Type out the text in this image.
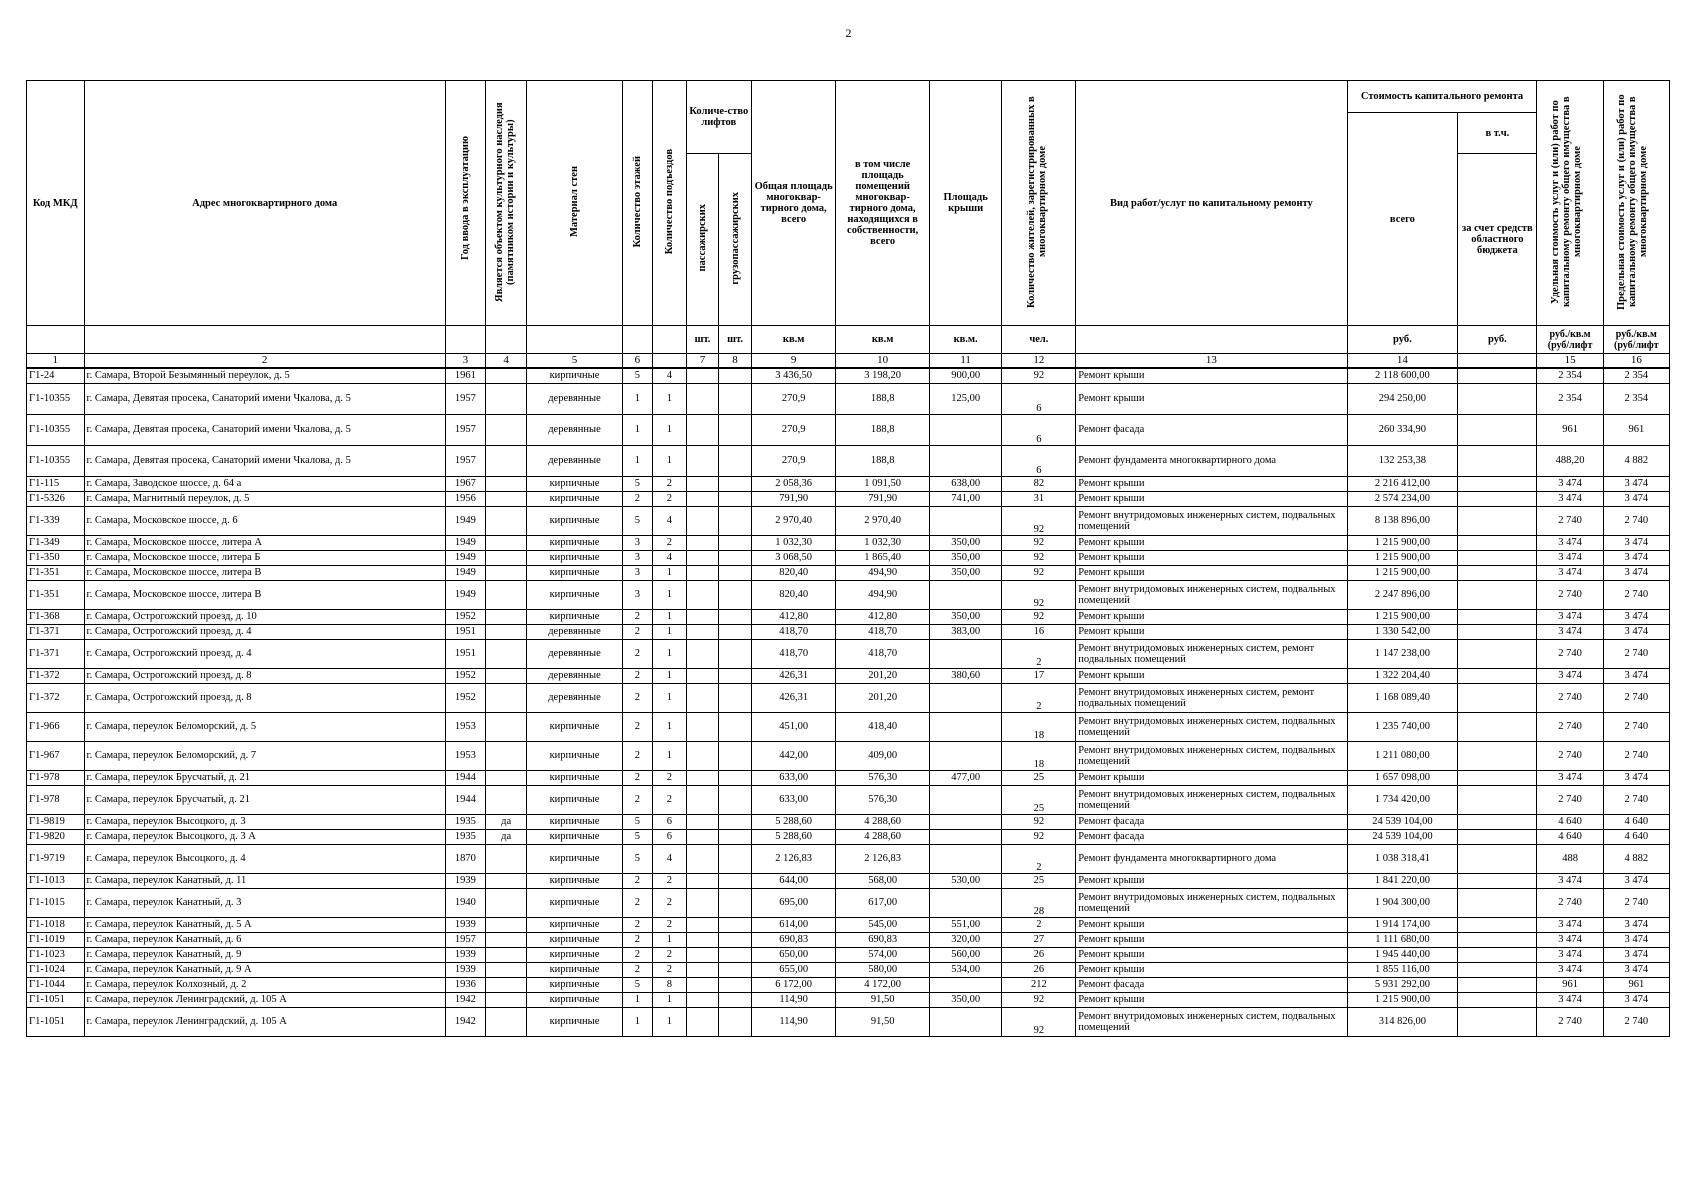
2
Код МКД	Адрес многоквартирного дома	Год ввода в эксплуатацию	Является объектом культурного наследия (памятником истории и культуры)	Материал стен	Количество этажей	Количество подъездов	Количе-ство лифтов		Общая площадь многоквар-тирного дома, всего	в том числе площадь помещений многоквар-тирного дома, находящихся в собственности, всего	Площадь крыши	Количество жителей, зарегистрированных в многоквартирном доме	Вид работ/услуг по капитальному ремонту	Стоимость капитального ремонта		Удельная стоимость услуг и (или) работ по капитальному ремонту общего имущества в многоквартирном доме	Предельная стоимость услуг и (или) работ по капитальному ремонту общего имущества в многоквартирном доме
														всего	в т.ч.		
							пассажирских	грузопассажирских							за счет средств областного бюджета		
							шт.	шт.	кв.м	кв.м	кв.м.	чел.		руб.	руб.	руб./кв.м (руб/лифт	руб./кв.м (руб/лифт
1	2	3	4	5	6		7	8	9	10	11	12	13	14		15	16
Г1-24	г. Самара, Второй Безымянный переулок, д. 5	1961		кирпичные	5	4			3 436,50	3 198,20	900,00	92	Ремонт крыши	2 118 600,00		2 354	2 354
Г1-10355	г. Самара, Девятая просека, Санаторий имени Чкалова, д. 5	1957		деревянные	1	1			270,9	188,8	125,00	6	Ремонт крыши	294 250,00		2 354	2 354
Г1-10355	г. Самара, Девятая просека, Санаторий имени Чкалова, д. 5	1957		деревянные	1	1			270,9	188,8		6	Ремонт фасада	260 334,90		961	961
Г1-10355	г. Самара, Девятая просека, Санаторий имени Чкалова, д. 5	1957		деревянные	1	1			270,9	188,8		6	Ремонт фундамента многоквартирного дома	132 253,38		488,20	4 882
Г1-115	г. Самара, Заводское шоссе, д. 64 а	1967		кирпичные	5	2			2 058,36	1 091,50	638,00	82	Ремонт крыши	2 216 412,00		3 474	3 474
Г1-5326	г. Самара, Магнитный переулок, д. 5	1956		кирпичные	2	2			791,90	791,90	741,00	31	Ремонт крыши	2 574 234,00		3 474	3 474
Г1-339	г. Самара, Московское шоссе, д. 6	1949		кирпичные	5	4			2 970,40	2 970,40		92	Ремонт внутридомовых инженерных систем, подвальных помещений	8 138 896,00		2 740	2 740
Г1-349	г. Самара, Московское шоссе, литера А	1949		кирпичные	3	2			1 032,30	1 032,30	350,00	92	Ремонт крыши	1 215 900,00		3 474	3 474
Г1-350	г. Самара, Московское шоссе, литера Б	1949		кирпичные	3	4			3 068,50	1 865,40	350,00	92	Ремонт крыши	1 215 900,00		3 474	3 474
Г1-351	г. Самара, Московское шоссе, литера В	1949		кирпичные	3	1			820,40	494,90	350,00	92	Ремонт крыши	1 215 900,00		3 474	3 474
Г1-351	г. Самара, Московское шоссе, литера В	1949		кирпичные	3	1			820,40	494,90		92	Ремонт внутридомовых инженерных систем, подвальных помещений	2 247 896,00		2 740	2 740
Г1-368	г. Самара, Острогожский проезд, д. 10	1952		кирпичные	2	1			412,80	412,80	350,00	92	Ремонт крыши	1 215 900,00		3 474	3 474
Г1-371	г. Самара, Острогожский проезд, д. 4	1951		деревянные	2	1			418,70	418,70	383,00	16	Ремонт крыши	1 330 542,00		3 474	3 474
Г1-371	г. Самара, Острогожский проезд, д. 4	1951		деревянные	2	1			418,70	418,70		2	Ремонт внутридомовых инженерных систем, ремонт подвальных помещений	1 147 238,00		2 740	2 740
Г1-372	г. Самара, Острогожский проезд, д. 8	1952		деревянные	2	1			426,31	201,20	380,60	17	Ремонт крыши	1 322 204,40		3 474	3 474
Г1-372	г. Самара, Острогожский проезд, д. 8	1952		деревянные	2	1			426,31	201,20		2	Ремонт внутридомовых инженерных систем, ремонт подвальных помещений	1 168 089,40		2 740	2 740
Г1-966	г. Самара, переулок Беломорский, д. 5	1953		кирпичные	2	1			451,00	418,40		18	Ремонт внутридомовых инженерных систем, подвальных помещений	1 235 740,00		2 740	2 740
Г1-967	г. Самара, переулок Беломорский, д. 7	1953		кирпичные	2	1			442,00	409,00		18	Ремонт внутридомовых инженерных систем, подвальных помещений	1 211 080,00		2 740	2 740
Г1-978	г. Самара, переулок Брусчатый, д. 21	1944		кирпичные	2	2			633,00	576,30	477,00	25	Ремонт крыши	1 657 098,00		3 474	3 474
Г1-978	г. Самара, переулок Брусчатый, д. 21	1944		кирпичные	2	2			633,00	576,30		25	Ремонт внутридомовых инженерных систем, подвальных помещений	1 734 420,00		2 740	2 740
Г1-9819	г. Самара, переулок Высоцкого, д. 3	1935	да	кирпичные	5	6			5 288,60	4 288,60		92	Ремонт фасада	24 539 104,00		4 640	4 640
Г1-9820	г. Самара, переулок Высоцкого, д. 3 А	1935	да	кирпичные	5	6			5 288,60	4 288,60		92	Ремонт фасада	24 539 104,00		4 640	4 640
Г1-9719	г. Самара, переулок Высоцкого, д. 4	1870		кирпичные	5	4			2 126,83	2 126,83		2	Ремонт фундамента многоквартирного дома	1 038 318,41		488	4 882
Г1-1013	г. Самара, переулок Канатный, д. 11	1939		кирпичные	2	2			644,00	568,00	530,00	25	Ремонт крыши	1 841 220,00		3 474	3 474
Г1-1015	г. Самара, переулок Канатный, д. 3	1940		кирпичные	2	2			695,00	617,00		28	Ремонт внутридомовых инженерных систем, подвальных помещений	1 904 300,00		2 740	2 740
Г1-1018	г. Самара, переулок Канатный, д. 5 А	1939		кирпичные	2	2			614,00	545,00	551,00	2	Ремонт крыши	1 914 174,00		3 474	3 474
Г1-1019	г. Самара, переулок Канатный, д. 6	1957		кирпичные	2	1			690,83	690,83	320,00	27	Ремонт крыши	1 111 680,00		3 474	3 474
Г1-1023	г. Самара, переулок Канатный, д. 9	1939		кирпичные	2	2			650,00	574,00	560,00	26	Ремонт крыши	1 945 440,00		3 474	3 474
Г1-1024	г. Самара, переулок Канатный, д. 9 А	1939		кирпичные	2	2			655,00	580,00	534,00	26	Ремонт крыши	1 855 116,00		3 474	3 474
Г1-1044	г. Самара, переулок Колхозный, д. 2	1936		кирпичные	5	8			6 172,00	4 172,00		212	Ремонт фасада	5 931 292,00		961	961
Г1-1051	г. Самара, переулок Ленинградский, д. 105 А	1942		кирпичные	1	1			114,90	91,50	350,00	92	Ремонт крыши	1 215 900,00		3 474	3 474
Г1-1051	г. Самара, переулок Ленинградский, д. 105 А	1942		кирпичные	1	1			114,90	91,50		92	Ремонт внутридомовых инженерных систем, подвальных помещений	314 826,00		2 740	2 740
